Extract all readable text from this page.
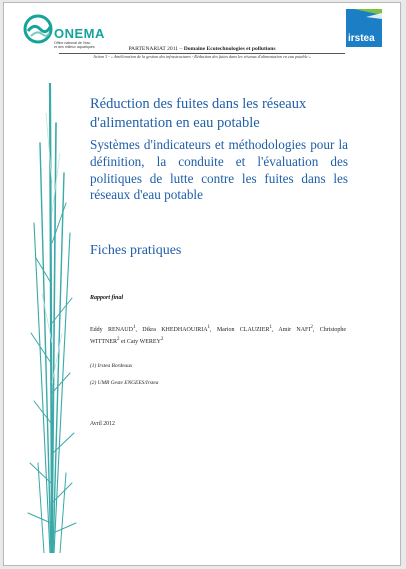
ONEMA
Office national de l'eau
et des milieux aquatiques
irstea
PARTENARIAT 2011 – Domaine Ecotechnologies et pollutions
Action 3 - « Amélioration de la gestion des infrastructures - Réduction des fuites dans les réseaux d'alimentation en eau potable »
Réduction des fuites dans les réseaux d'alimentation en eau potable
Systèmes d'indicateurs et méthodologies pour la définition, la conduite et l'évaluation des politiques de lutte contre les fuites dans les réseaux d'eau potable
Fiches pratiques
Rapport final
Eddy RENAUD$^1$, Dikra KHEDHAOUIRIA$^1$, Marion CLAUZIER$^1$, Amir NAFI$^2$, Christophe WITTNER$^2$ et Caty WEREY$^2$
(1) Irstea Bordeaux
(2) UMR Geste ENGEES/Irstea
Avril 2012
